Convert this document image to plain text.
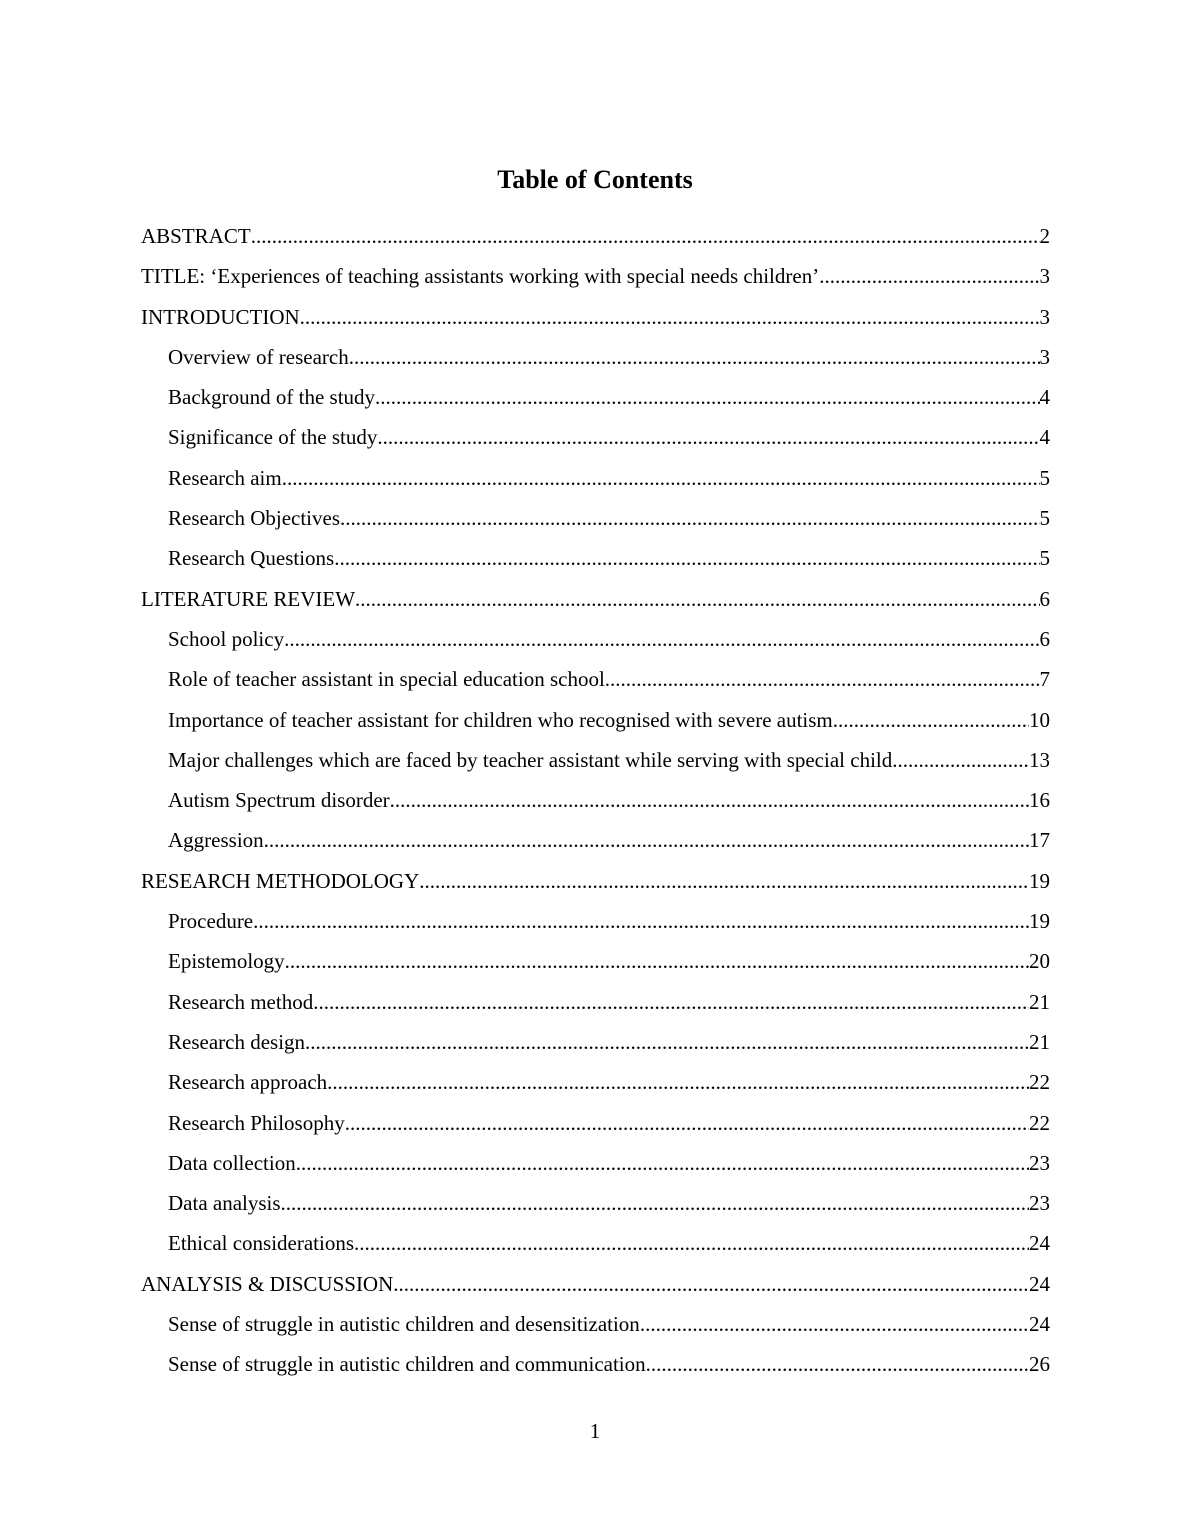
Table of Contents
ABSTRACT .....	2
TITLE: ‘Experiences of teaching assistants working with special needs children’ .....	3
INTRODUCTION .....	3
Overview of research .....	3
Background of the study .....	4
Significance of the study .....	4
Research aim .....	5
Research Objectives .....	5
Research Questions .....	5
LITERATURE REVIEW .....	6
School policy .....	6
Role of teacher assistant in special education school .....	7
Importance of teacher assistant for children who recognised with severe autism .....	10
Major challenges which are faced by teacher assistant while serving with special child .....	13
Autism Spectrum disorder .....	16
Aggression .....	17
RESEARCH METHODOLOGY .....	19
Procedure .....	19
Epistemology .....	20
Research method .....	21
Research design .....	21
Research approach .....	22
Research Philosophy .....	22
Data collection .....	23
Data analysis .....	23
Ethical considerations .....	24
ANALYSIS & DISCUSSION .....	24
Sense of struggle in autistic children and desensitization .....	24
Sense of struggle in autistic children and communication .....	26
1
